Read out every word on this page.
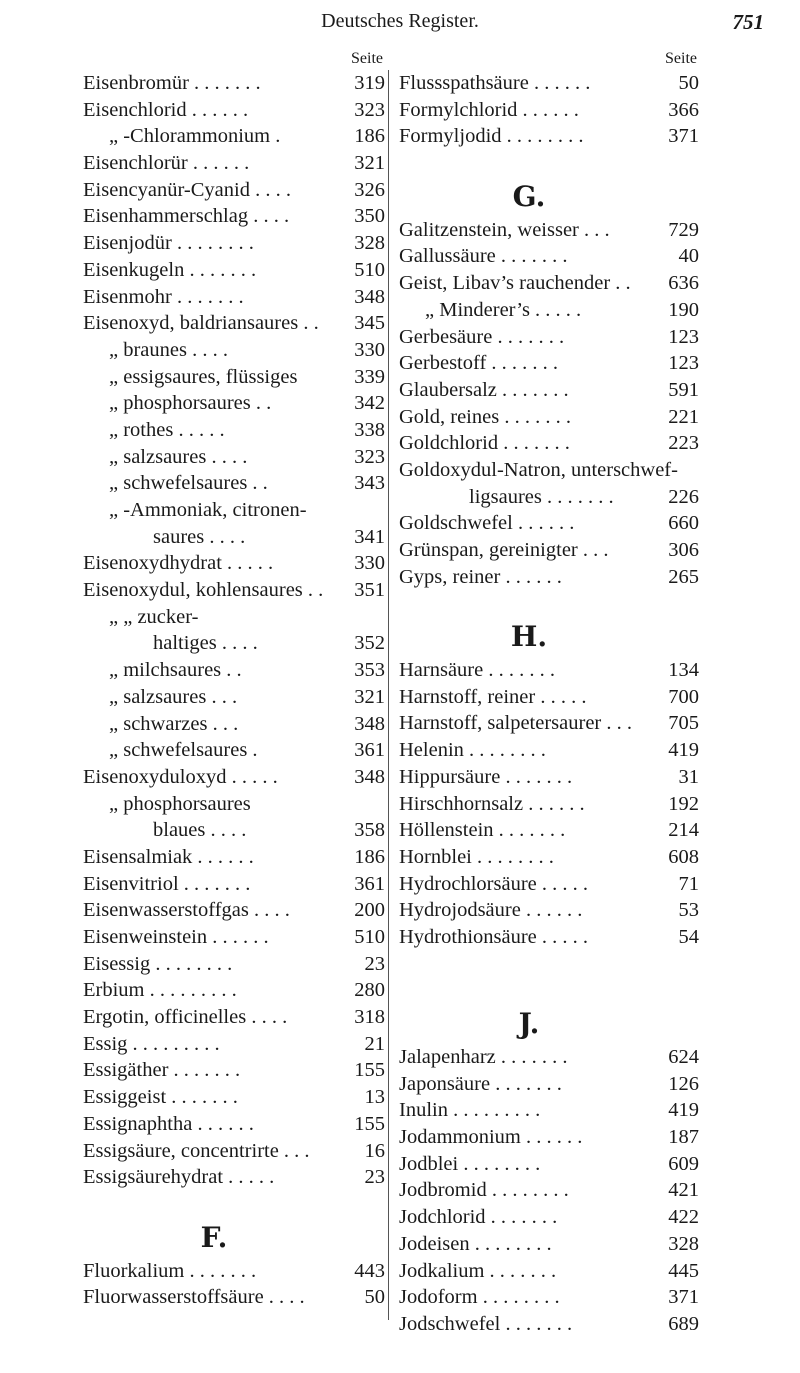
Deutsches Register.	751
Seite
Eisenbromür . . . . . . .	319
Eisenchlorid . . . . . .	323
„ -Chlorammonium .	186
Eisenchlorür . . . . . .	321
Eisencyanür-Cyanid . . . .	326
Eisenhammerschlag . . . .	350
Eisenjodür . . . . . . . .	328
Eisenkugeln . . . . . . .	510
Eisenmohr . . . . . . .	348
Eisenoxyd, baldriansaures . . 345
„ braunes . . . .	330
„ essigsaures, flüssiges	339
„ phosphorsaures . .	342
„ rothes . . . . .	338
„ salzsaures . . . .	323
„ schwefelsaures . .	343
„ -Ammoniak, citronen-
saures . . . .	341
Eisenoxydhydrat . . . . .	330
Eisenoxydul, kohlensaures . . 351
„ „ zucker-
haltiges . . . .	352
„ milchsaures . .	353
„ salzsaures . . .	321
„ schwarzes . . .	348
„ schwefelsaures .	361
Eisenoxyduloxyd . . . . .	348
„ phosphorsaures
blaues . . . .	358
Eisensalmiak . . . . . .	186
Eisenvitriol . . . . . . .	361
Eisenwasserstoffgas . . . .	200
Eisenweinstein . . . . . .	510
Eisessig . . . . . . . .	23
Erbium . . . . . . . . .	280
Ergotin, officinelles . . . .	318
Essig . . . . . . . . .	21
Essigäther . . . . . . .	155
Essiggeist . . . . . . .	13
Essignaphtha . . . . . .	155
Essigsäure, concentrirte . . .	16
Essigsäurehydrat . . . . .	23
F.
Fluorkalium . . . . . . .	443
Fluorwasserstoffsäure . . . .	50
Seite
Flussspathsäure . . . . . .	50
Formylchlorid . . . . . .	366
Formyljodid . . . . . . . .	371
G.
Galitzenstein, weisser . . .	729
Gallussäure . . . . . . .	40
Geist, Libav’s rauchender . . 636
„ Minderer’s . . . . .	190
Gerbesäure . . . . . . .	123
Gerbestoff . . . . . . .	123
Glaubersalz . . . . . . .	591
Gold, reines . . . . . . .	221
Goldchlorid . . . . . . .	223
Goldoxydul-Natron, unterschwef-
ligsaures . . . . . . .	226
Goldschwefel . . . . . .	660
Grünspan, gereinigter . . .	306
Gyps, reiner . . . . . .	265
H.
Harnsäure . . . . . . .	134
Harnstoff, reiner . . . . .	700
Harnstoff, salpetersaurer . . . 705
Helenin . . . . . . . .	419
Hippursäure . . . . . . .	31
Hirschhornsalz . . . . . .	192
Höllenstein . . . . . . .	214
Hornblei . . . . . . . .	608
Hydrochlorsäure . . . . .	71
Hydrojodsäure . . . . . .	53
Hydrothionsäure . . . . .	54
J.
Jalapenharz . . . . . . .	624
Japonsäure . . . . . . .	126
Inulin . . . . . . . . .	419
Jodammonium . . . . . .	187
Jodblei . . . . . . . .	609
Jodbromid . . . . . . . .	421
Jodchlorid . . . . . . .	422
Jodeisen . . . . . . . .	328
Jodkalium . . . . . . .	445
Jodoform . . . . . . . .	371
Jodschwefel . . . . . . .	689
